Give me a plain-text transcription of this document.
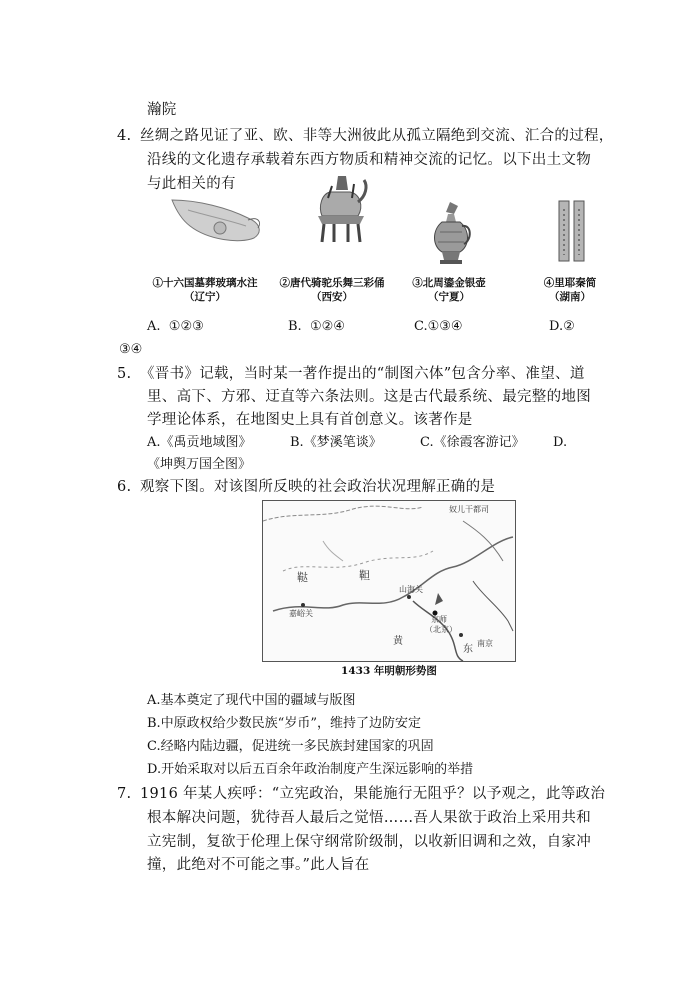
瀚院
4. 丝绸之路见证了亚、欧、非等大洲彼此从孤立隔绝到交流、汇合的过程，
沿线的文化遗存承载着东西方物质和精神交流的记忆。以下出土文物
与此相关的有
①十六国墓葬玻璃水注
（辽宁）
②唐代骑驼乐舞三彩俑
（西安）
③北周鎏金银壶
（宁夏）
④里耶秦简
（湖南）
A. ①②③	B. ①②④	C.①③④	D.②
③④
5. 《晋书》记载，当时某一著作提出的“制图六体”包含分率、准望、道
里、高下、方邪、迂直等六条法则。这是古代最系统、最完整的地图
学理论体系，在地图史上具有首创意义。该著作是
A.《禹贡地域图》	B.《梦溪笔谈》	C.《徐霞客游记》 D.
《坤舆万国全图》
6. 观察下图。对该图所反映的社会政治状况理解正确的是
奴儿干都司
鞑	靼
嘉峪关
山海关
京师
（北京）
黄
东
南京
1433 年明朝形势图
A.基本奠定了现代中国的疆域与版图
B.中原政权给少数民族“岁币”，维持了边防安定
C.经略内陆边疆，促进统一多民族封建国家的巩固
D.开始采取对以后五百余年政治制度产生深远影响的举措
7. 1916 年某人疾呼：“立宪政治，果能施行无阻乎？以予观之，此等政治
根本解决问题，犹待吾人最后之觉悟……吾人果欲于政治上采用共和
立宪制，复欲于伦理上保守纲常阶级制，以收新旧调和之效，自家冲
撞，此绝对不可能之事。”此人旨在
